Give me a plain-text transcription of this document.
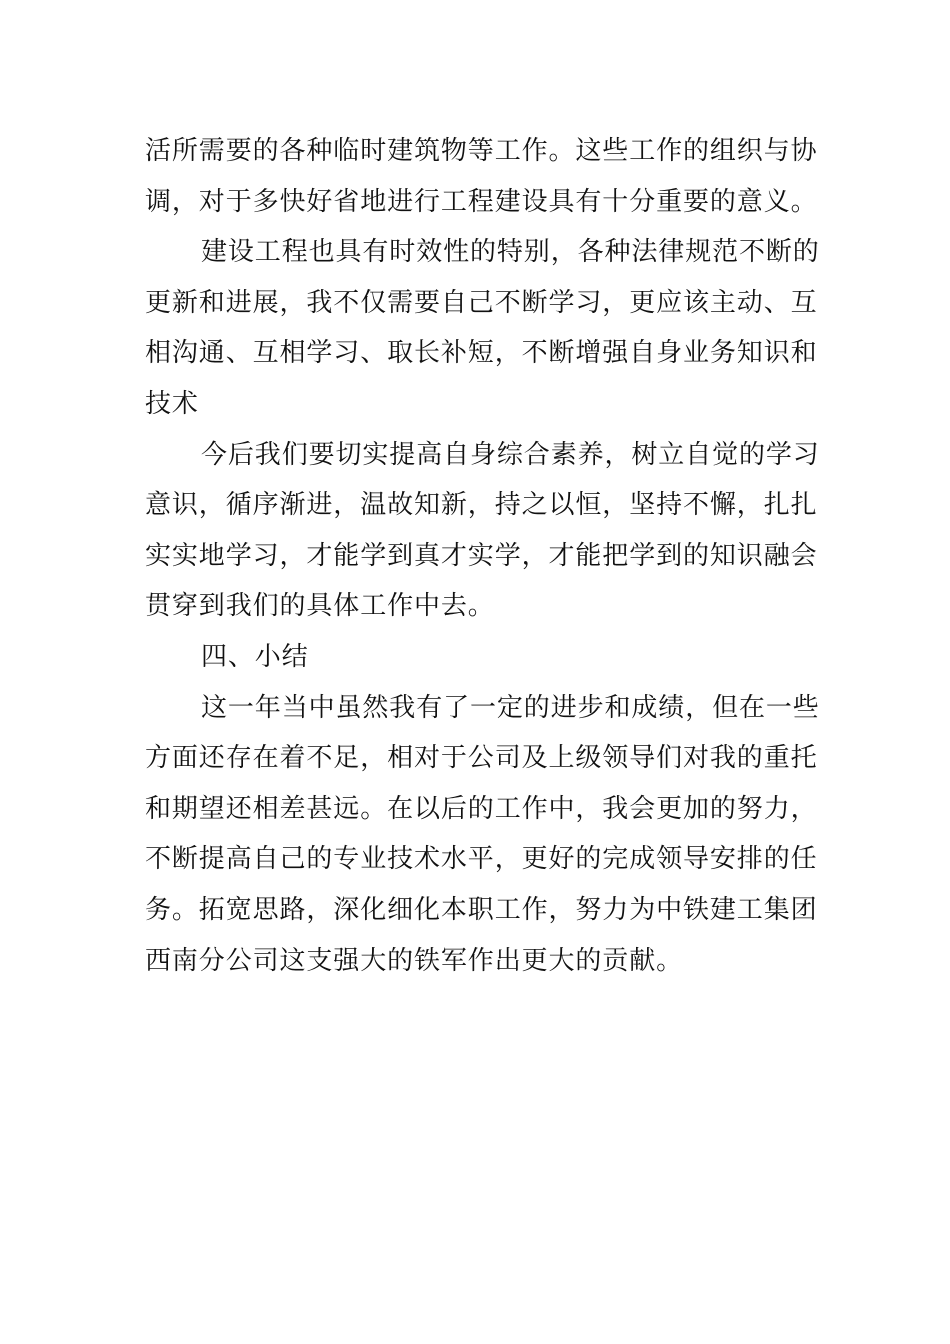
活所需要的各种临时建筑物等工作。这些工作的组织与协
调，对于多快好省地进行工程建设具有十分重要的意义。
建设工程也具有时效性的特别，各种法律规范不断的
更新和进展，我不仅需要自己不断学习，更应该主动、互
相沟通、互相学习、取长补短，不断增强自身业务知识和
技术
今后我们要切实提高自身综合素养，树立自觉的学习
意识，循序渐进，温故知新，持之以恒，坚持不懈，扎扎
实实地学习，才能学到真才实学，才能把学到的知识融会
贯穿到我们的具体工作中去。
四、小结
这一年当中虽然我有了一定的进步和成绩，但在一些
方面还存在着不足，相对于公司及上级领导们对我的重托
和期望还相差甚远。在以后的工作中，我会更加的努力，
不断提高自己的专业技术水平，更好的完成领导安排的任
务。拓宽思路，深化细化本职工作，努力为中铁建工集团
西南分公司这支强大的铁军作出更大的贡献。
